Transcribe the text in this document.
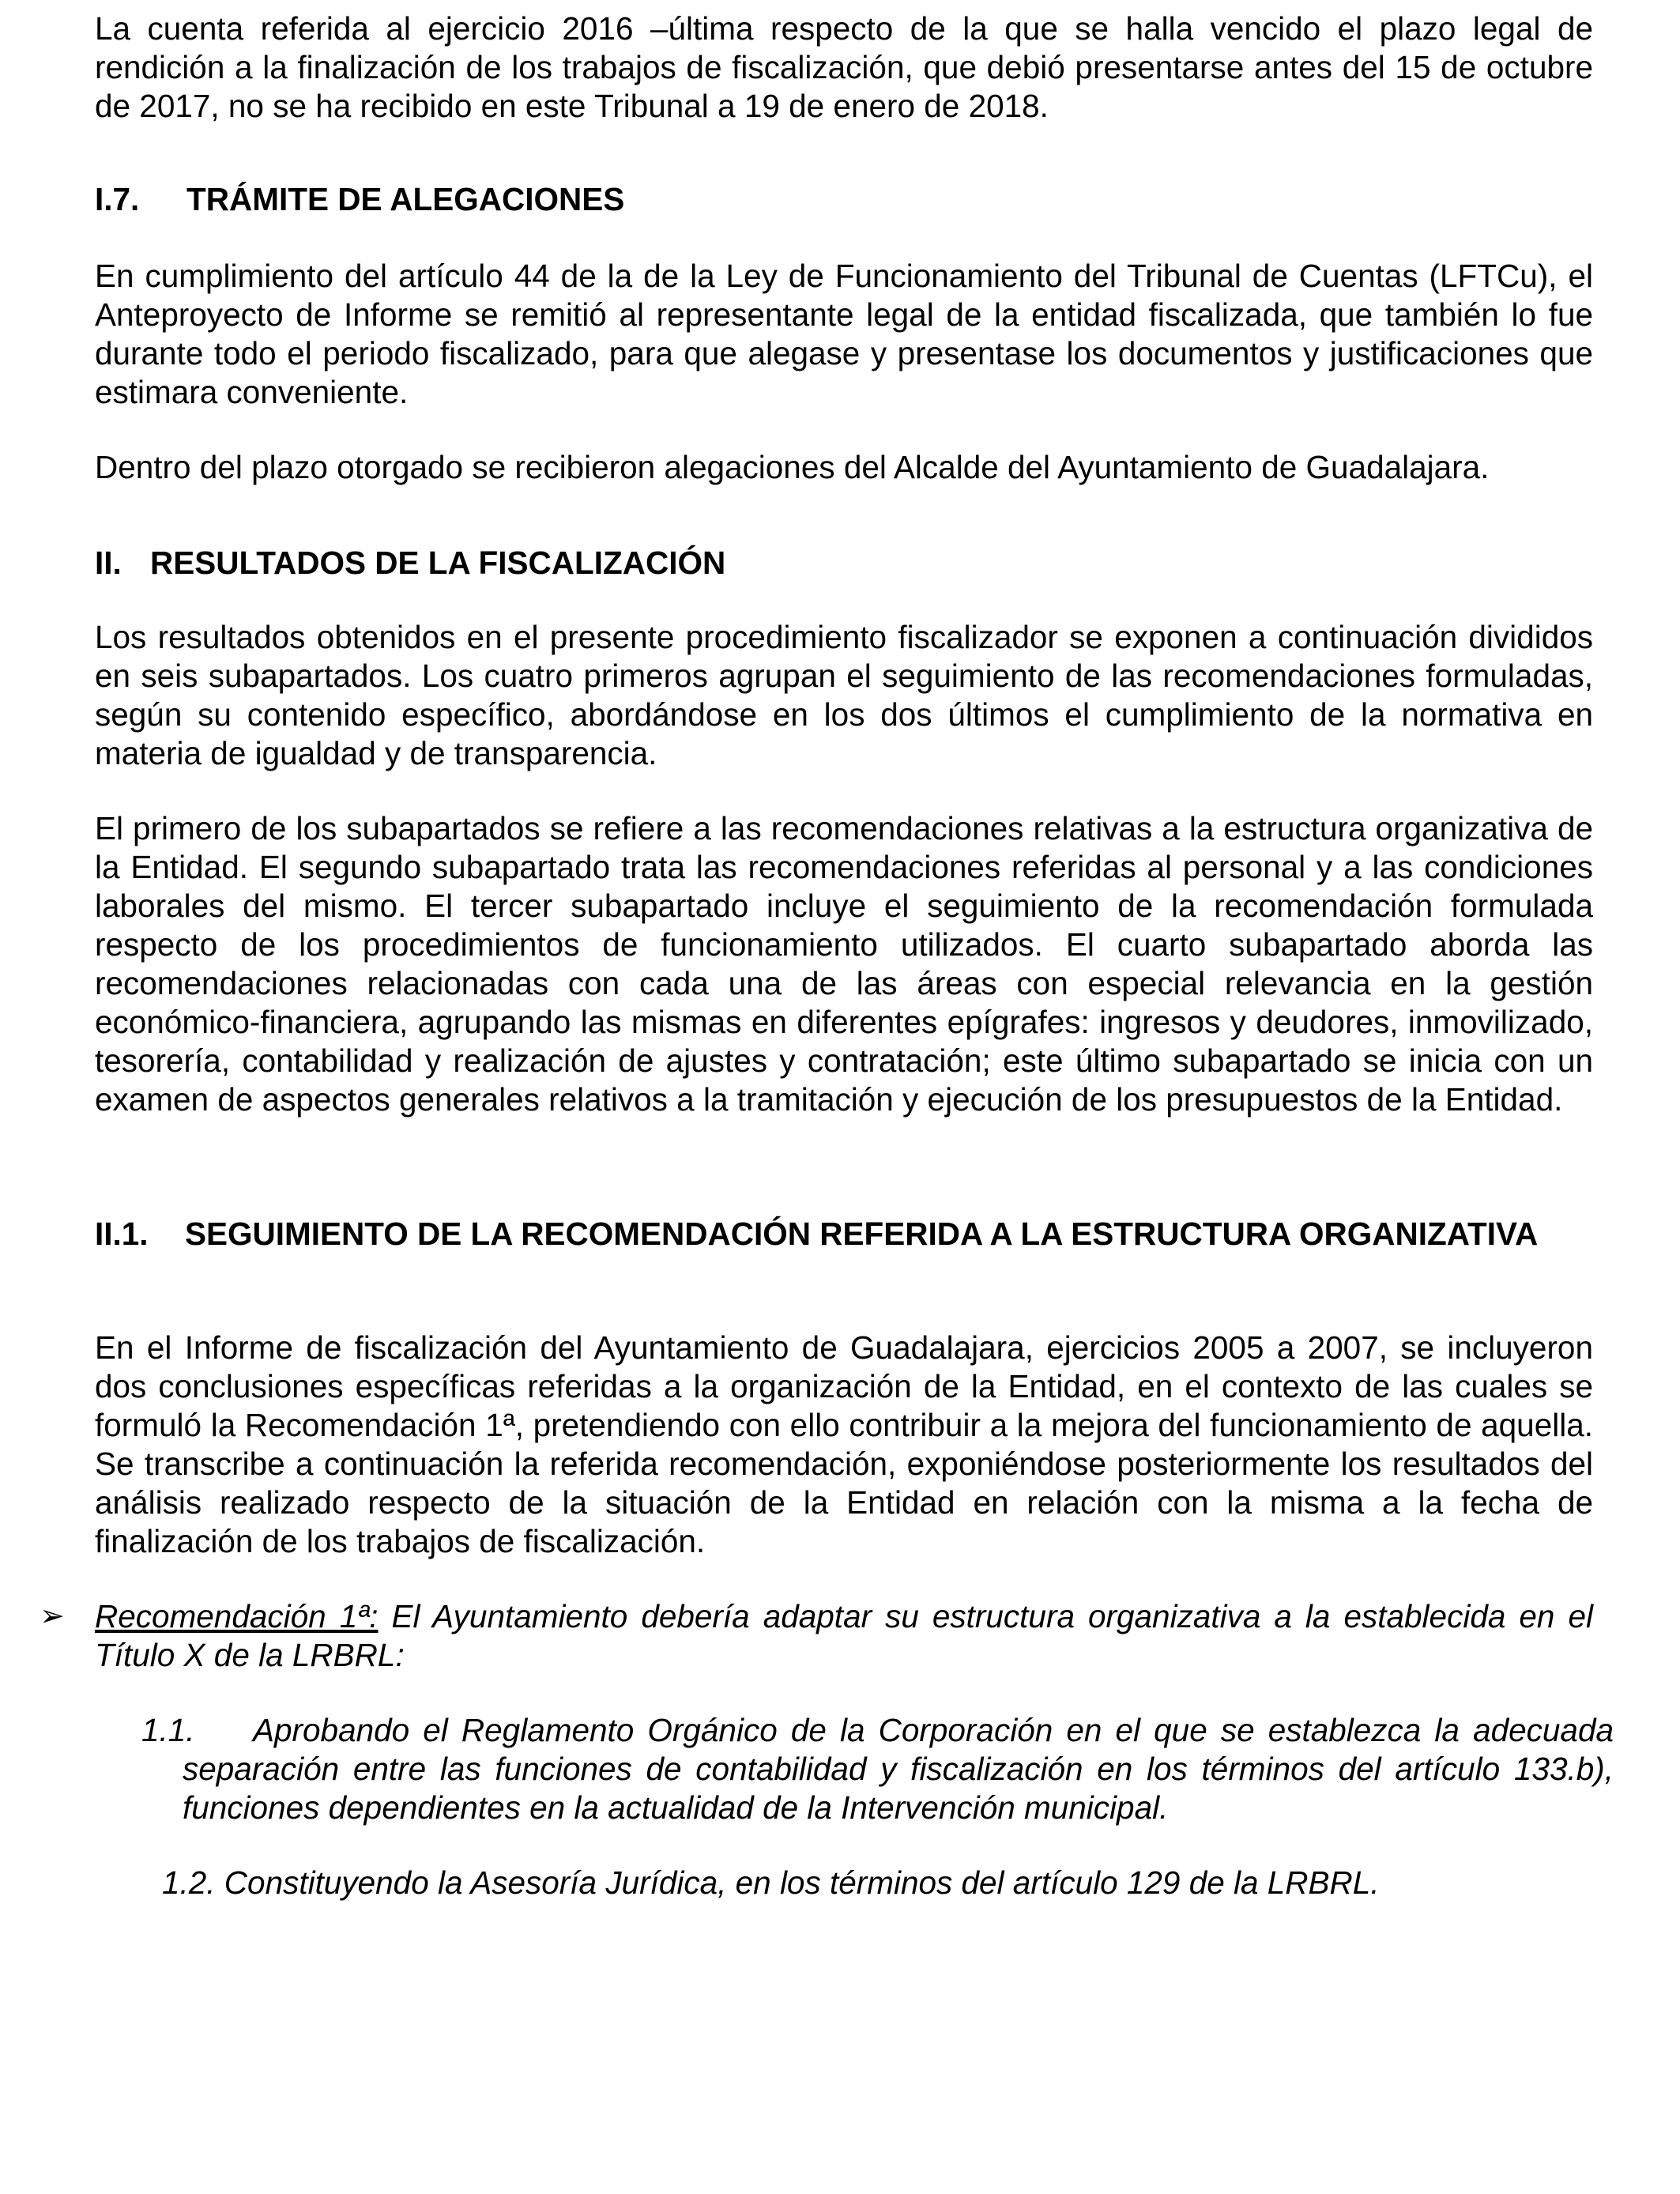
La cuenta referida al ejercicio 2016 –última respecto de la que se halla vencido el plazo legal de rendición a la finalización de los trabajos de fiscalización, que debió presentarse antes del 15 de octubre de 2017, no se ha recibido en este Tribunal a 19 de enero de 2018.

I.7. TRÁMITE DE ALEGACIONES

En cumplimiento del artículo 44 de la de la Ley de Funcionamiento del Tribunal de Cuentas (LFTCu), el Anteproyecto de Informe se remitió al representante legal de la entidad fiscalizada, que también lo fue durante todo el periodo fiscalizado, para que alegase y presentase los documentos y justificaciones que estimara conveniente.

Dentro del plazo otorgado se recibieron alegaciones del Alcalde del Ayuntamiento de Guadalajara.

II. RESULTADOS DE LA FISCALIZACIÓN

Los resultados obtenidos en el presente procedimiento fiscalizador se exponen a continuación divididos en seis subapartados. Los cuatro primeros agrupan el seguimiento de las recomendaciones formuladas, según su contenido específico, abordándose en los dos últimos el cumplimiento de la normativa en materia de igualdad y de transparencia.

El primero de los subapartados se refiere a las recomendaciones relativas a la estructura organizativa de la Entidad. El segundo subapartado trata las recomendaciones referidas al personal y a las condiciones laborales del mismo. El tercer subapartado incluye el seguimiento de la recomendación formulada respecto de los procedimientos de funcionamiento utilizados. El cuarto subapartado aborda las recomendaciones relacionadas con cada una de las áreas con especial relevancia en la gestión económico-financiera, agrupando las mismas en diferentes epígrafes: ingresos y deudores, inmovilizado, tesorería, contabilidad y realización de ajustes y contratación; este último subapartado se inicia con un examen de aspectos generales relativos a la tramitación y ejecución de los presupuestos de la Entidad.

II.1.	SEGUIMIENTO DE LA RECOMENDACIÓN REFERIDA A LA ESTRUCTURA ORGANIZATIVA

En el Informe de fiscalización del Ayuntamiento de Guadalajara, ejercicios 2005 a 2007, se incluyeron dos conclusiones específicas referidas a la organización de la Entidad, en el contexto de las cuales se formuló la Recomendación 1ª, pretendiendo con ello contribuir a la mejora del funcionamiento de aquella. Se transcribe a continuación la referida recomendación, exponiéndose posteriormente los resultados del análisis realizado respecto de la situación de la Entidad en relación con la misma a la fecha de finalización de los trabajos de fiscalización.

➢ Recomendación 1ª: El Ayuntamiento debería adaptar su estructura organizativa a la establecida en el Título X de la LRBRL:

1.1. Aprobando el Reglamento Orgánico de la Corporación en el que se establezca la adecuada separación entre las funciones de contabilidad y fiscalización en los términos del artículo 133.b), funciones dependientes en la actualidad de la Intervención municipal.

1.2. Constituyendo la Asesoría Jurídica, en los términos del artículo 129 de la LRBRL.
